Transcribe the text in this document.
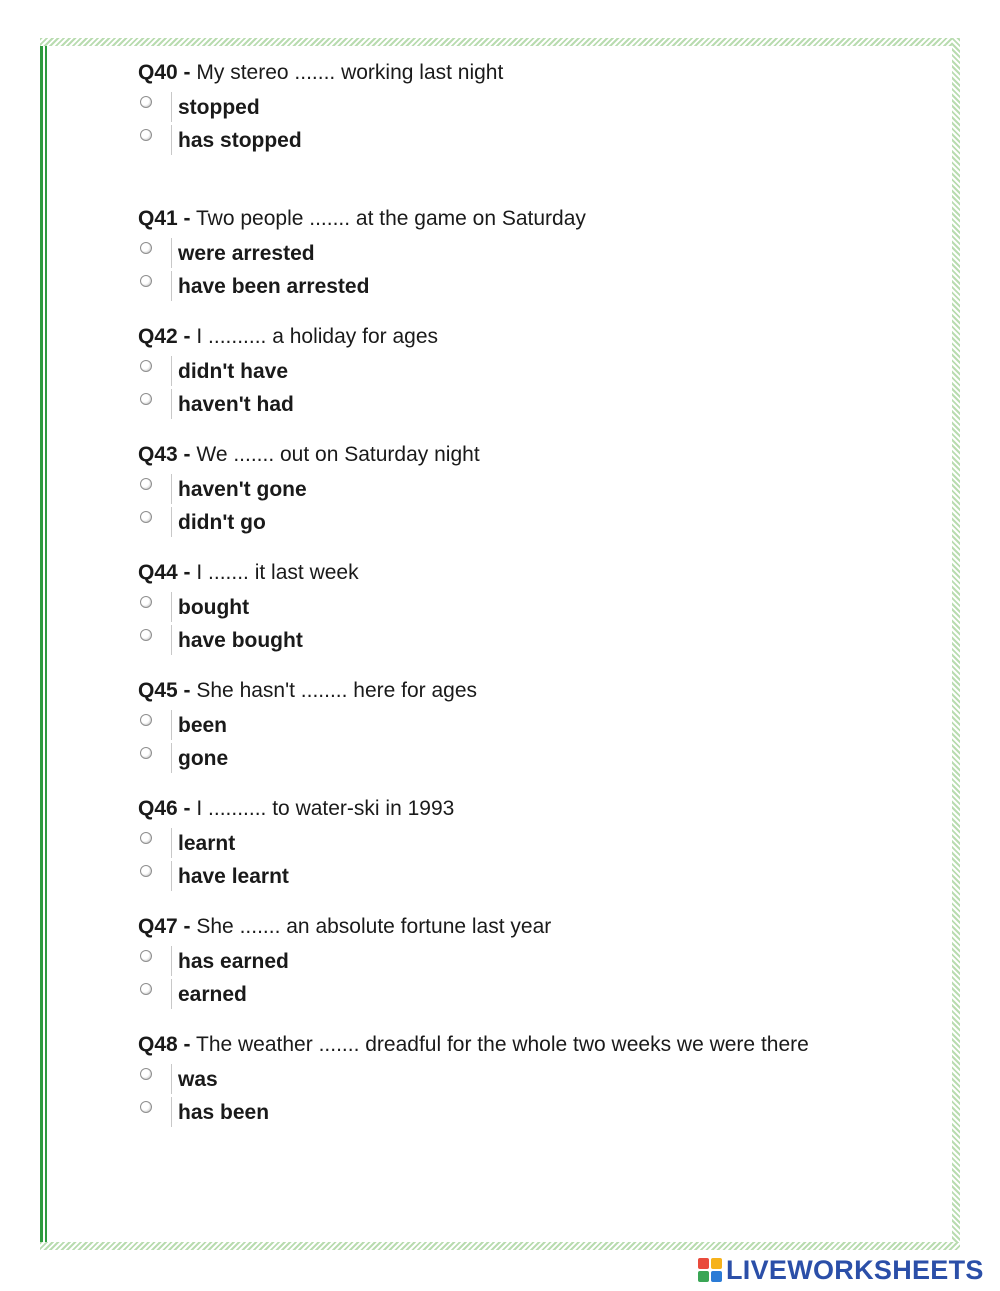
Q40 - My stereo ....... working last night
stopped
has stopped
Q41 - Two people ....... at the game on Saturday
were arrested
have been arrested
Q42 - I .......... a holiday for ages
didn't have
haven't had
Q43 - We ....... out on Saturday night
haven't gone
didn't go
Q44 - I ....... it last week
bought
have bought
Q45 - She hasn't ........ here for ages
been
gone
Q46 - I .......... to water-ski in 1993
learnt
have learnt
Q47 - She ....... an absolute fortune last year
has earned
earned
Q48 - The weather ....... dreadful for the whole two weeks we were there
was
has been
LIVEWORKSHEETS
